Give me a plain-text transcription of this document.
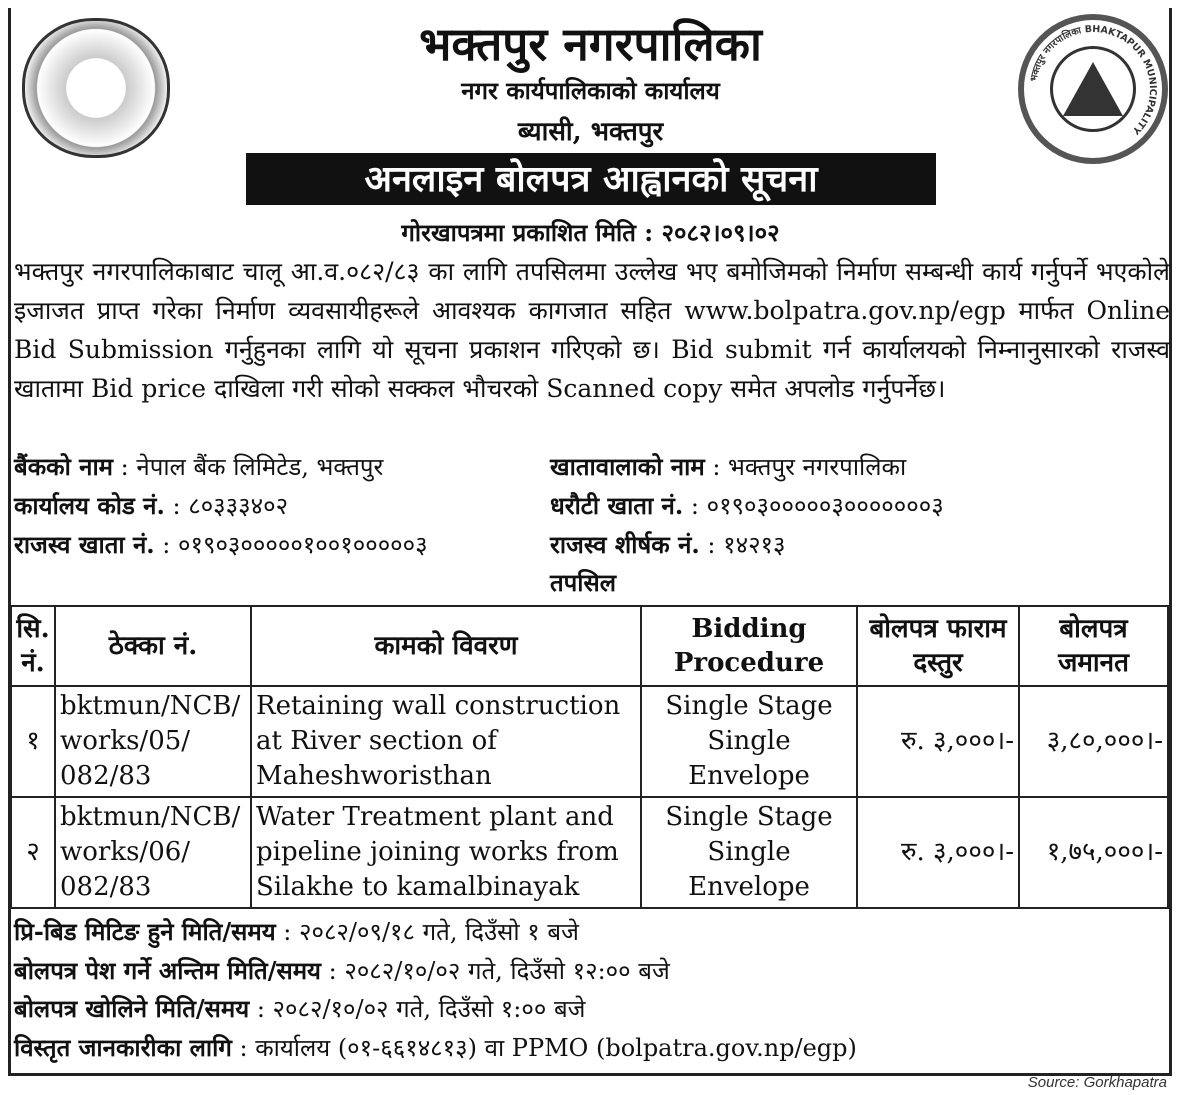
भक्तपुर नगरपालिका BHAKTAPUR MUNICIPALITY
भक्तपुर नगरपालिका
नगर कार्यपालिकाको कार्यालय
ब्यासी, भक्तपुर
अनलाइन बोलपत्र आह्वानको सूचना
गोरखापत्रमा प्रकाशित मिति : २०८२।०९।०२
भक्तपुर नगरपालिकाबाट चालू आ.व.०८२/८३ का लागि तपसिलमा उल्लेख भए बमोजिमको निर्माण सम्बन्धी कार्य गर्नुपर्ने भएकोले इजाजत प्राप्त गरेका निर्माण व्यवसायीहरूले आवश्यक कागजात सहित www.bolpatra.gov.np/egp मार्फत Online Bid Submission गर्नुहुनका लागि यो सूचना प्रकाशन गरिएको छ। Bid submit गर्न कार्यालयको निम्नानुसारको राजस्व खातामा Bid price दाखिला गरी सोको सक्कल भौचरको Scanned copy समेत अपलोड गर्नुपर्नेछ।
बैंकको नाम : नेपाल बैंक लिमिटेड, भक्तपुर	खातावालाको नाम : भक्तपुर नगरपालिका
कार्यालय कोड नं. : ८०३३३४०२	धरौटी खाता नं. : ०१९०३०००००३०००००००३
राजस्व खाता नं. : ०१९०३०००००१००१०००००३	राजस्व शीर्षक नं. : १४२१३
तपसिल
सि. नं.	ठेक्का नं.	कामको विवरण	Bidding Procedure	बोलपत्र फाराम दस्तुर	बोलपत्र जमानत
१	bktmun/NCB/ works/05/ 082/83	Retaining wall construction at River section of Maheshworisthan	Single Stage Single Envelope	रु. ३,०००।-	३,८०,०००।-
२	bktmun/NCB/ works/06/ 082/83	Water Treatment plant and pipeline joining works from Silakhe to kamalbinayak	Single Stage Single Envelope	रु. ३,०००।-	१,७५,०००।-
प्रि-बिड मिटिङ हुने मिति/समय : २०८२/०९/१८ गते, दिउँसो १ बजे
बोलपत्र पेश गर्ने अन्तिम मिति/समय : २०८२/१०/०२ गते, दिउँसो १२:०० बजे
बोलपत्र खोलिने मिति/समय : २०८२/१०/०२ गते, दिउँसो १:०० बजे
विस्तृत जानकारीका लागि : कार्यालय (०१-६६१४८१३) वा PPMO (bolpatra.gov.np/egp)
Source: Gorkhapatra
